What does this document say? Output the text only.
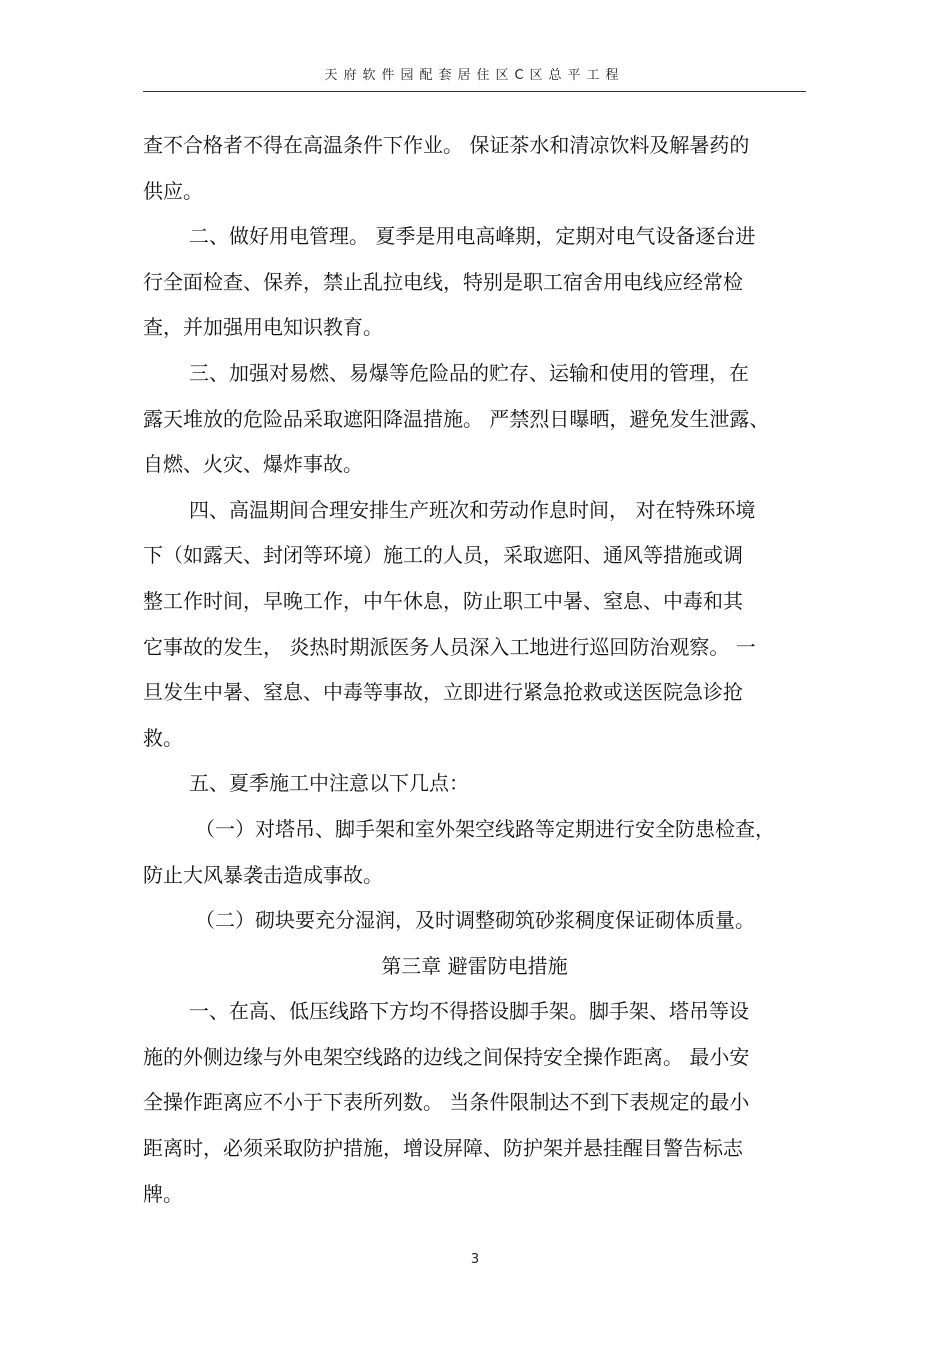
天府软件园配套居住区C区总平工程
查不合格者不得在高温条件下作业。 保证茶水和清凉饮料及解暑药的
供应。
二、做好用电管理。 夏季是用电高峰期，定期对电气设备逐台进
行全面检查、保养，禁止乱拉电线，特别是职工宿舍用电线应经常检
查，并加强用电知识教育。
三、加强对易燃、易爆等危险品的贮存、运输和使用的管理，在
露天堆放的危险品采取遮阳降温措施。 严禁烈日曝晒，避免发生泄露、
自燃、火灾、爆炸事故。
四、高温期间合理安排生产班次和劳动作息时间， 对在特殊环境
下（如露天、封闭等环境）施工的人员，采取遮阳、通风等措施或调
整工作时间，早晚工作，中午休息，防止职工中暑、窒息、中毒和其
它事故的发生， 炎热时期派医务人员深入工地进行巡回防治观察。 一
旦发生中暑、窒息、中毒等事故，立即进行紧急抢救或送医院急诊抢
救。
五、夏季施工中注意以下几点：
（一）对塔吊、脚手架和室外架空线路等定期进行安全防患检查，
防止大风暴袭击造成事故。
（二）砌块要充分湿润，及时调整砌筑砂浆稠度保证砌体质量。
第三章 避雷防电措施
一、在高、低压线路下方均不得搭设脚手架。脚手架、塔吊等设
施的外侧边缘与外电架空线路的边线之间保持安全操作距离。 最小安
全操作距离应不小于下表所列数。 当条件限制达不到下表规定的最小
距离时，必须采取防护措施，增设屏障、防护架并悬挂醒目警告标志
牌。
3
